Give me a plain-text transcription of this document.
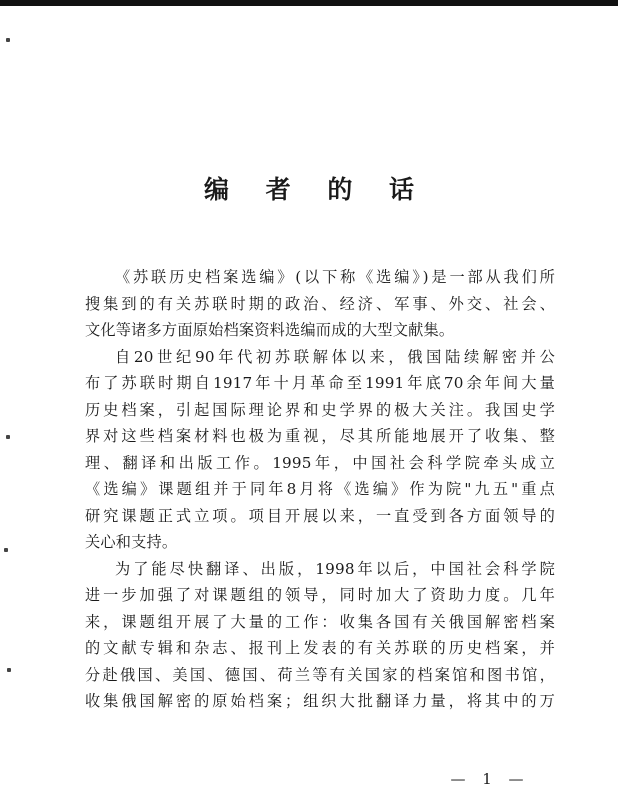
编 者 的 话
《苏联历史档案选编》(以下称《选编》)是一部从我们所
搜集到的有关苏联时期的政治、经济、军事、外交、社会、
文化等诸多方面原始档案资料选编而成的大型文献集。
自20世纪90年代初苏联解体以来，俄国陆续解密并公
布了苏联时期自1917年十月革命至1991年底70余年间大量
历史档案，引起国际理论界和史学界的极大关注。我国史学
界对这些档案材料也极为重视，尽其所能地展开了收集、整
理、翻译和出版工作。1995年，中国社会科学院牵头成立
《选编》课题组并于同年8月将《选编》作为院"九五"重点
研究课题正式立项。项目开展以来，一直受到各方面领导的
关心和支持。
为了能尽快翻译、出版，1998年以后，中国社会科学院
进一步加强了对课题组的领导，同时加大了资助力度。几年
来，课题组开展了大量的工作：收集各国有关俄国解密档案
的文献专辑和杂志、报刊上发表的有关苏联的历史档案，并
分赴俄国、美国、德国、荷兰等有关国家的档案馆和图书馆，
收集俄国解密的原始档案；组织大批翻译力量，将其中的万
— 1 —
